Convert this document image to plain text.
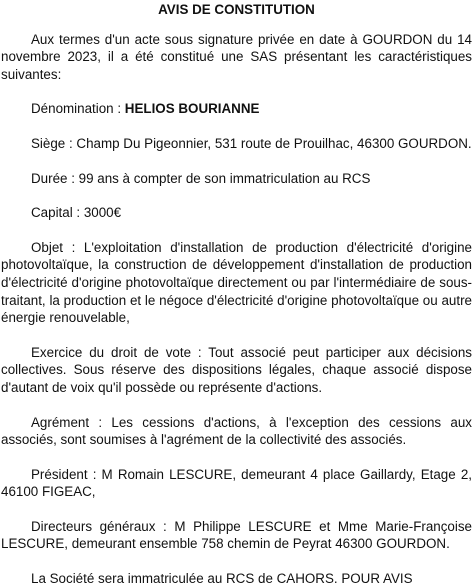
AVIS DE CONSTITUTION

Aux termes d'un acte sous signature privée en date à GOURDON du 14 novembre 2023, il a été constitué une SAS présentant les caractéristiques suivantes:

Dénomination : HELIOS BOURIANNE

Siège : Champ Du Pigeonnier, 531 route de Prouilhac, 46300 GOURDON.

Durée : 99 ans à compter de son immatriculation au RCS

Capital : 3000€

Objet : L'exploitation d'installation de production d'électricité d'origine photovoltaïque, la construction de développement d'installation de production d'électricité d'origine photovoltaïque directement ou par l'intermédiaire de sous-traitant, la production et le négoce d'électricité d'origine photovoltaïque ou autre énergie renouvelable,

Exercice du droit de vote : Tout associé peut participer aux décisions collectives. Sous réserve des dispositions légales, chaque associé dispose d'autant de voix qu'il possède ou représente d'actions.

Agrément : Les cessions d'actions, à l'exception des cessions aux associés, sont soumises à l'agrément de la collectivité des associés.

Président : M Romain LESCURE, demeurant 4 place Gaillardy, Etage 2, 46100 FIGEAC,

Directeurs généraux : M Philippe LESCURE et Mme Marie-Françoise LESCURE, demeurant ensemble 758 chemin de Peyrat 46300 GOURDON.

La Société sera immatriculée au RCS de CAHORS. POUR AVIS
